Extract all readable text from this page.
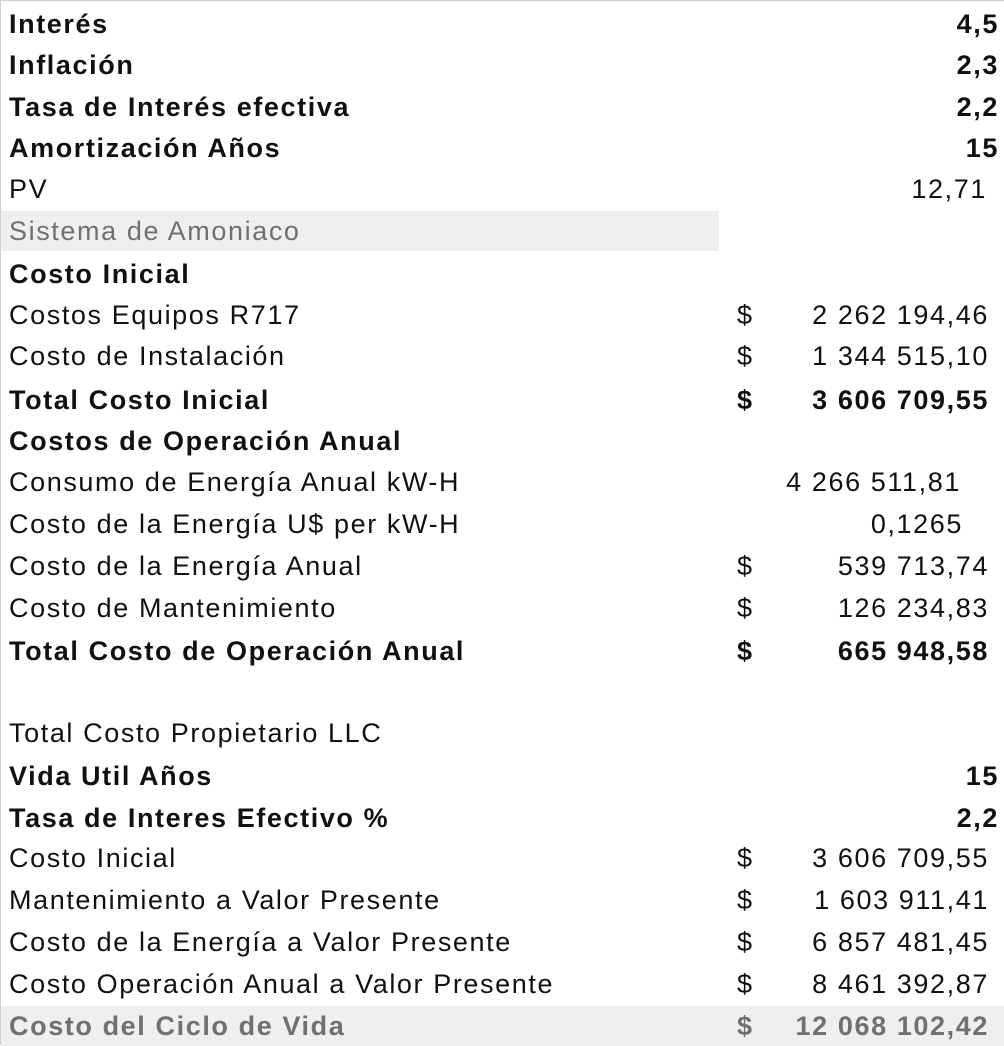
Interés	4,5
Inflación	2,3
Tasa de Interés efectiva	2,2
Amortización Años	15
PV	12,71
Sistema de Amoniaco
Costo Inicial
Costos Equipos R717	$ 2 262 194,46
Costo de Instalación	$ 1 344 515,10
Total Costo Inicial	$ 3 606 709,55
Costos de Operación Anual
Consumo de Energía Anual kW-H	4 266 511,81
Costo de la Energía U$ per kW-H	0,1265
Costo de la Energía Anual	$	539 713,74
Costo de Mantenimiento	$	126 234,83
Total Costo de Operación Anual	$	665 948,58
Total Costo Propietario LLC
Vida Util Años	15
Tasa de Interes Efectivo %	2,2
Costo Inicial	$ 3 606 709,55
Mantenimiento a Valor Presente	$ 1 603 911,41
Costo de la Energía a Valor Presente	$ 6 857 481,45
Costo Operación Anual a Valor Presente	$ 8 461 392,87
Costo del Ciclo de Vida	$ 12 068 102,42
